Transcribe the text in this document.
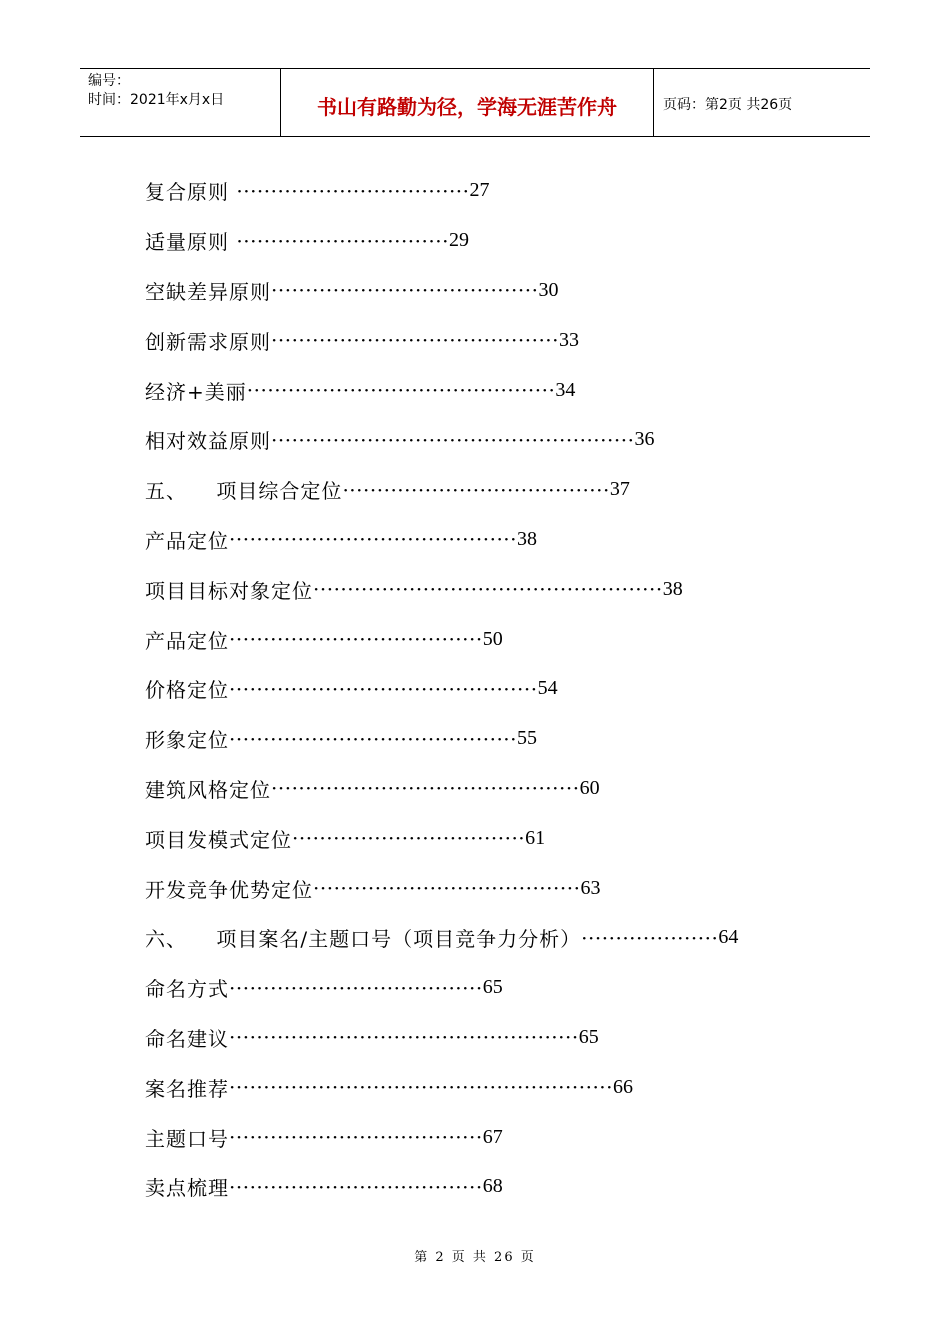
编号：
时间：2021年x月x日	书山有路勤为径，学海无涯苦作舟	页码：第2页 共26页
复合原则 ·································· 27
适量原则 ······························· 29
空缺差异原则 ······································· 30
创新需求原则 ·········································· 33
经济+美丽 ············································· 34
相对效益原则 ····················································· 36
五、    项目综合定位 ······································· 37
产品定位 ·········································· 38
项目目标对象定位 ··················································· 38
产品定位 ····································· 50
价格定位 ············································· 54
形象定位 ·········································· 55
建筑风格定位 ············································· 60
项目发模式定位 ·································· 61
开发竞争优势定位 ······································· 63
六、    项目案名/主题口号（项目竞争力分析） ···················· 64
命名方式 ····································· 65
命名建议 ··················································· 65
案名推荐 ························································ 66
主题口号 ····································· 67
卖点梳理 ····································· 68
第 2 页 共 26 页
